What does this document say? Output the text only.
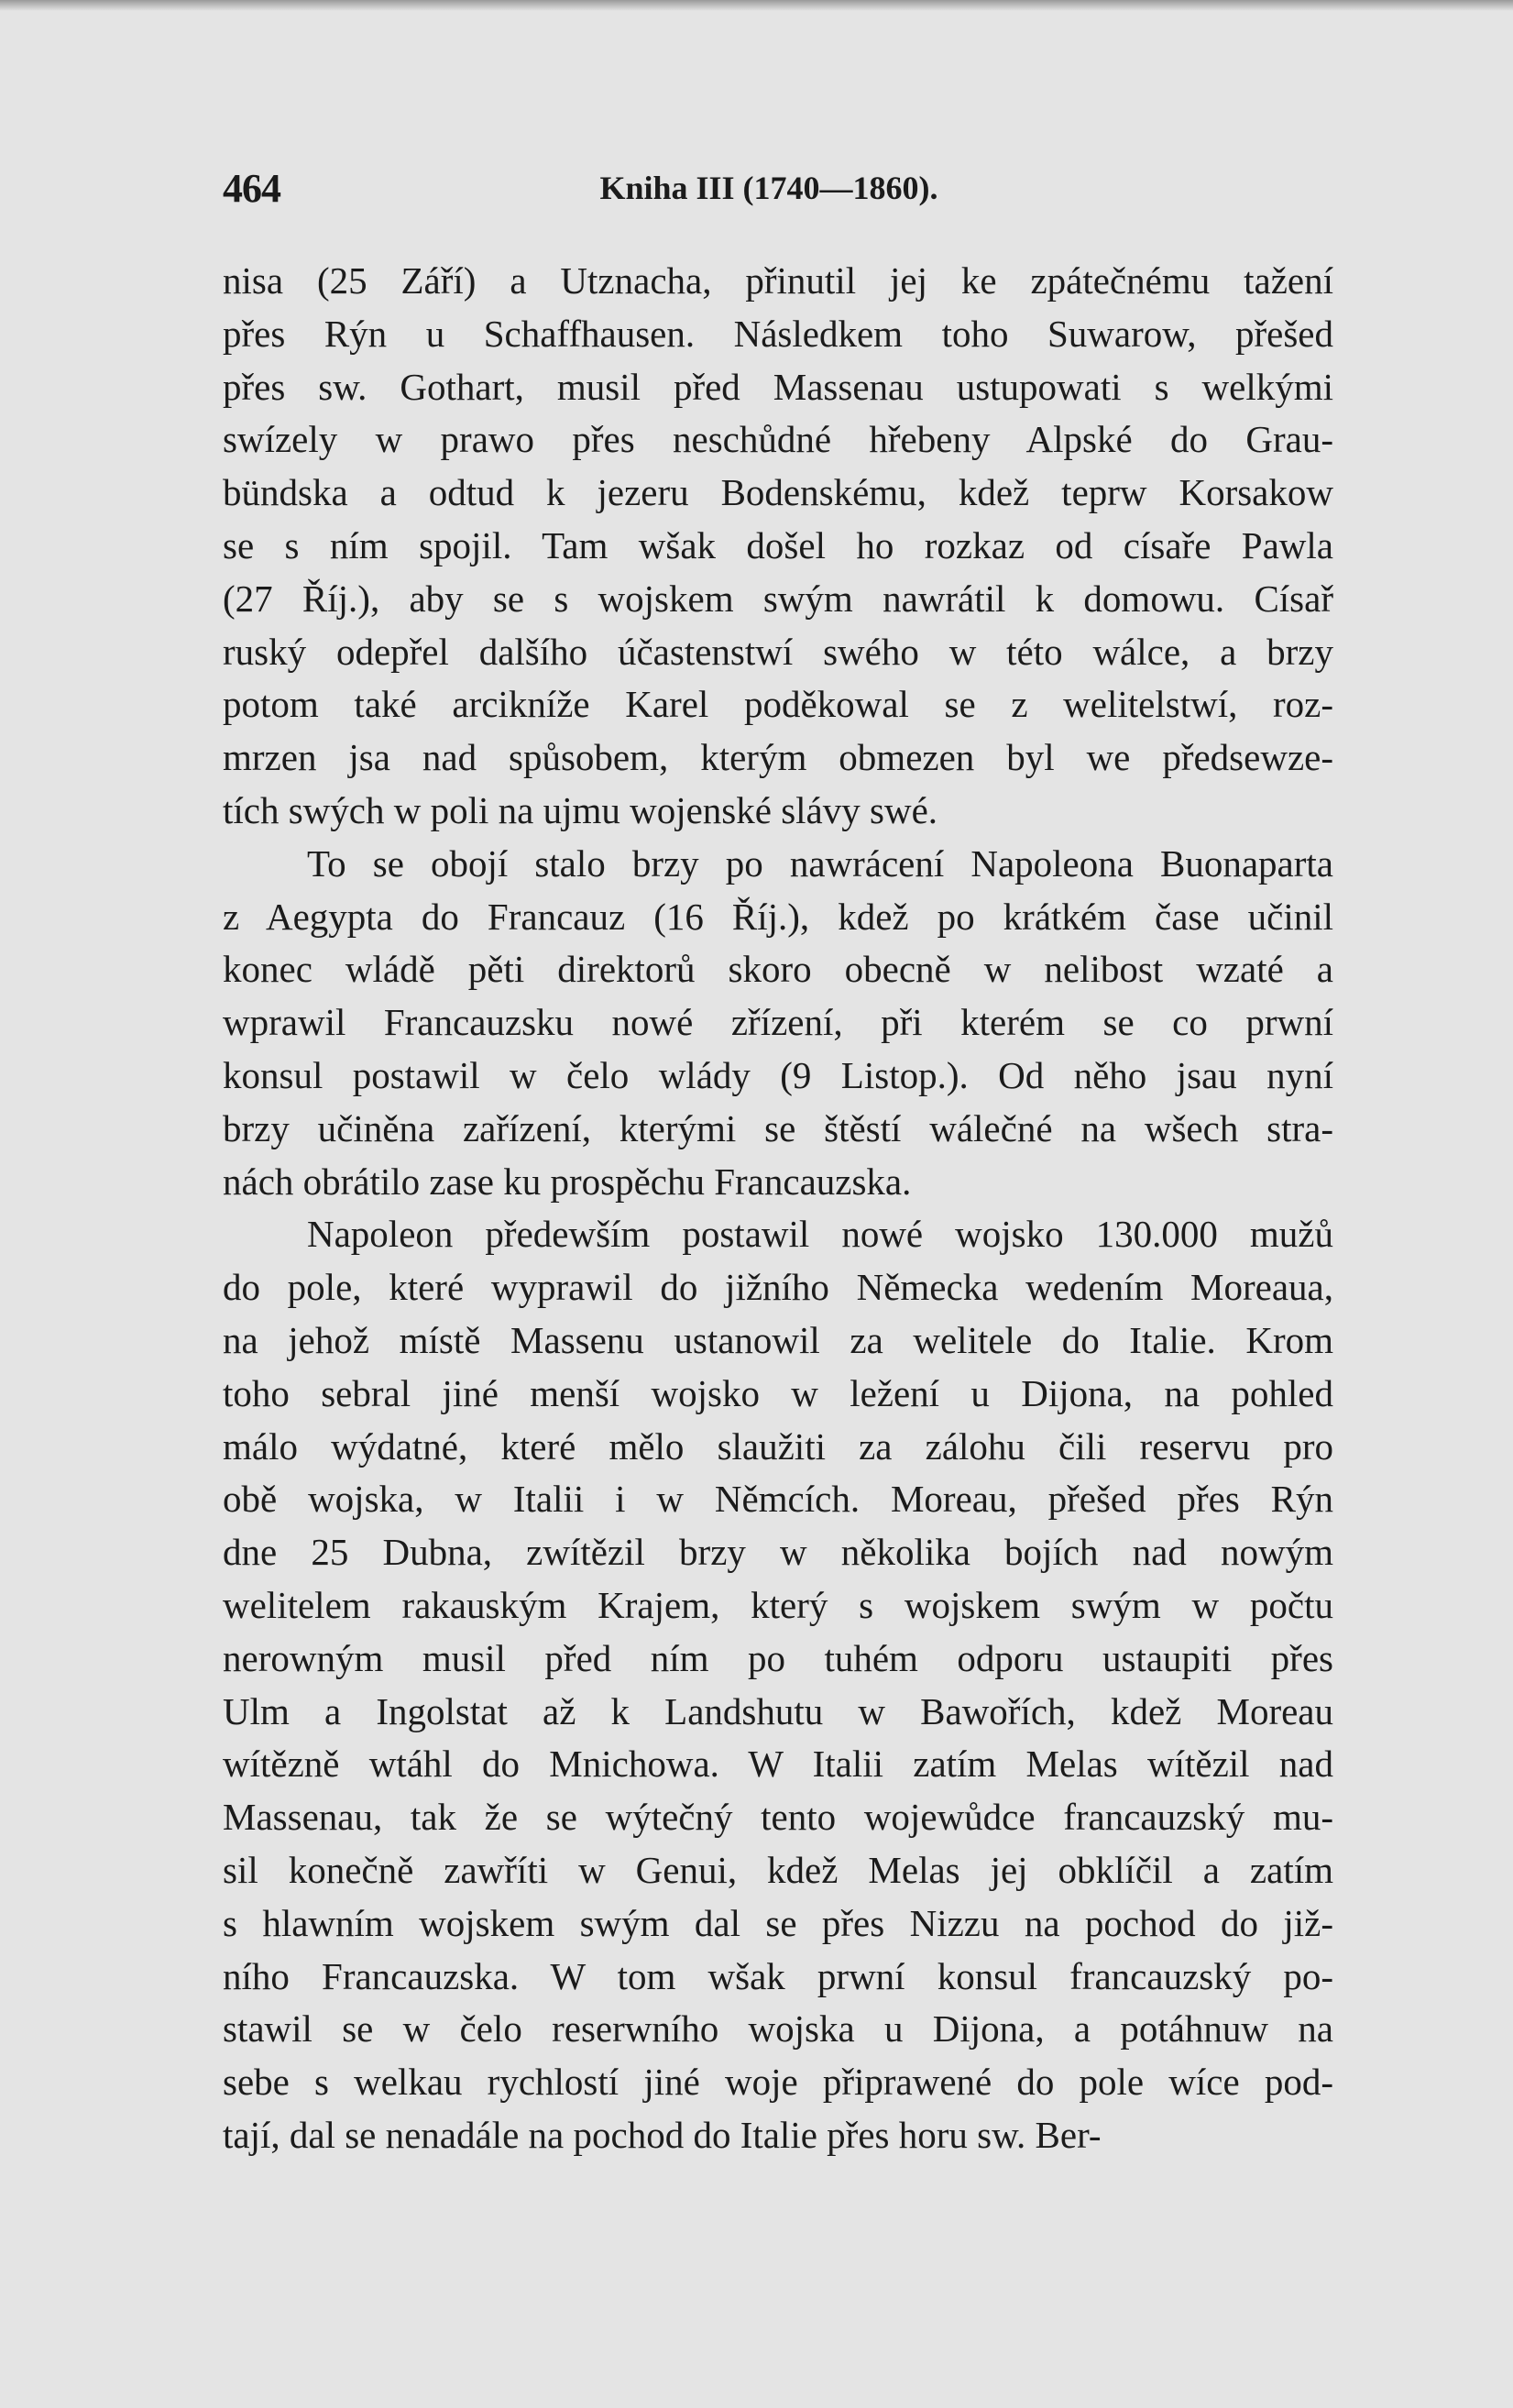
464	Kniha III (1740—1860).
nisa (25 Září) a Utznacha, přinutil jej ke zpátečnému tažení
přes Rýn u Schaffhausen. Následkem toho Suwarow, přešed
přes sw. Gothart, musil před Massenau ustupowati s welkými
swízely w prawo přes neschůdné hřebeny Alpské do Grau-
bündska a odtud k jezeru Bodenskému, kdež teprw Korsakow
se s ním spojil. Tam wšak došel ho rozkaz od císaře Pawla
(27 Říj.), aby se s wojskem swým nawrátil k domowu. Císař
ruský odepřel dalšího účastenstwí swého w této wálce, a brzy
potom také arcikníže Karel poděkowal se z welitelstwí, roz-
mrzen jsa nad spůsobem, kterým obmezen byl we předsewze-
tích swých w poli na ujmu wojenské slávy swé.
To se obojí stalo brzy po nawrácení Napoleona Buonaparta
z Aegypta do Francauz (16 Říj.), kdež po krátkém čase učinil
konec wládě pěti direktorů skoro obecně w nelibost wzaté a
wprawil Francauzsku nowé zřízení, při kterém se co prwní
konsul postawil w čelo wlády (9 Listop.). Od něho jsau nyní
brzy učiněna zařízení, kterými se štěstí wálečné na wšech stra-
nách obrátilo zase ku prospěchu Francauzska.
Napoleon předewším postawil nowé wojsko 130.000 mužů
do pole, které wyprawil do jižního Německa wedením Moreaua,
na jehož místě Massenu ustanowil za welitele do Italie. Krom
toho sebral jiné menší wojsko w ležení u Dijona, na pohled
málo wýdatné, které mělo slaužiti za zálohu čili reservu pro
obě wojska, w Italii i w Němcích. Moreau, přešed přes Rýn
dne 25 Dubna, zwítězil brzy w několika bojích nad nowým
welitelem rakauským Krajem, který s wojskem swým w počtu
nerowným musil před ním po tuhém odporu ustaupiti přes
Ulm a Ingolstat až k Landshutu w Bawořích, kdež Moreau
wítězně wtáhl do Mnichowa. W Italii zatím Melas wítězil nad
Massenau, tak že se wýtečný tento wojewůdce francauzský mu-
sil konečně zawříti w Genui, kdež Melas jej obklíčil a zatím
s hlawním wojskem swým dal se přes Nizzu na pochod do již-
ního Francauzska. W tom wšak prwní konsul francauzský po-
stawil se w čelo reserwního wojska u Dijona, a potáhnuw na
sebe s welkau rychlostí jiné woje připrawené do pole wíce pod-
tají, dal se nenadále na pochod do Italie přes horu sw. Ber-
